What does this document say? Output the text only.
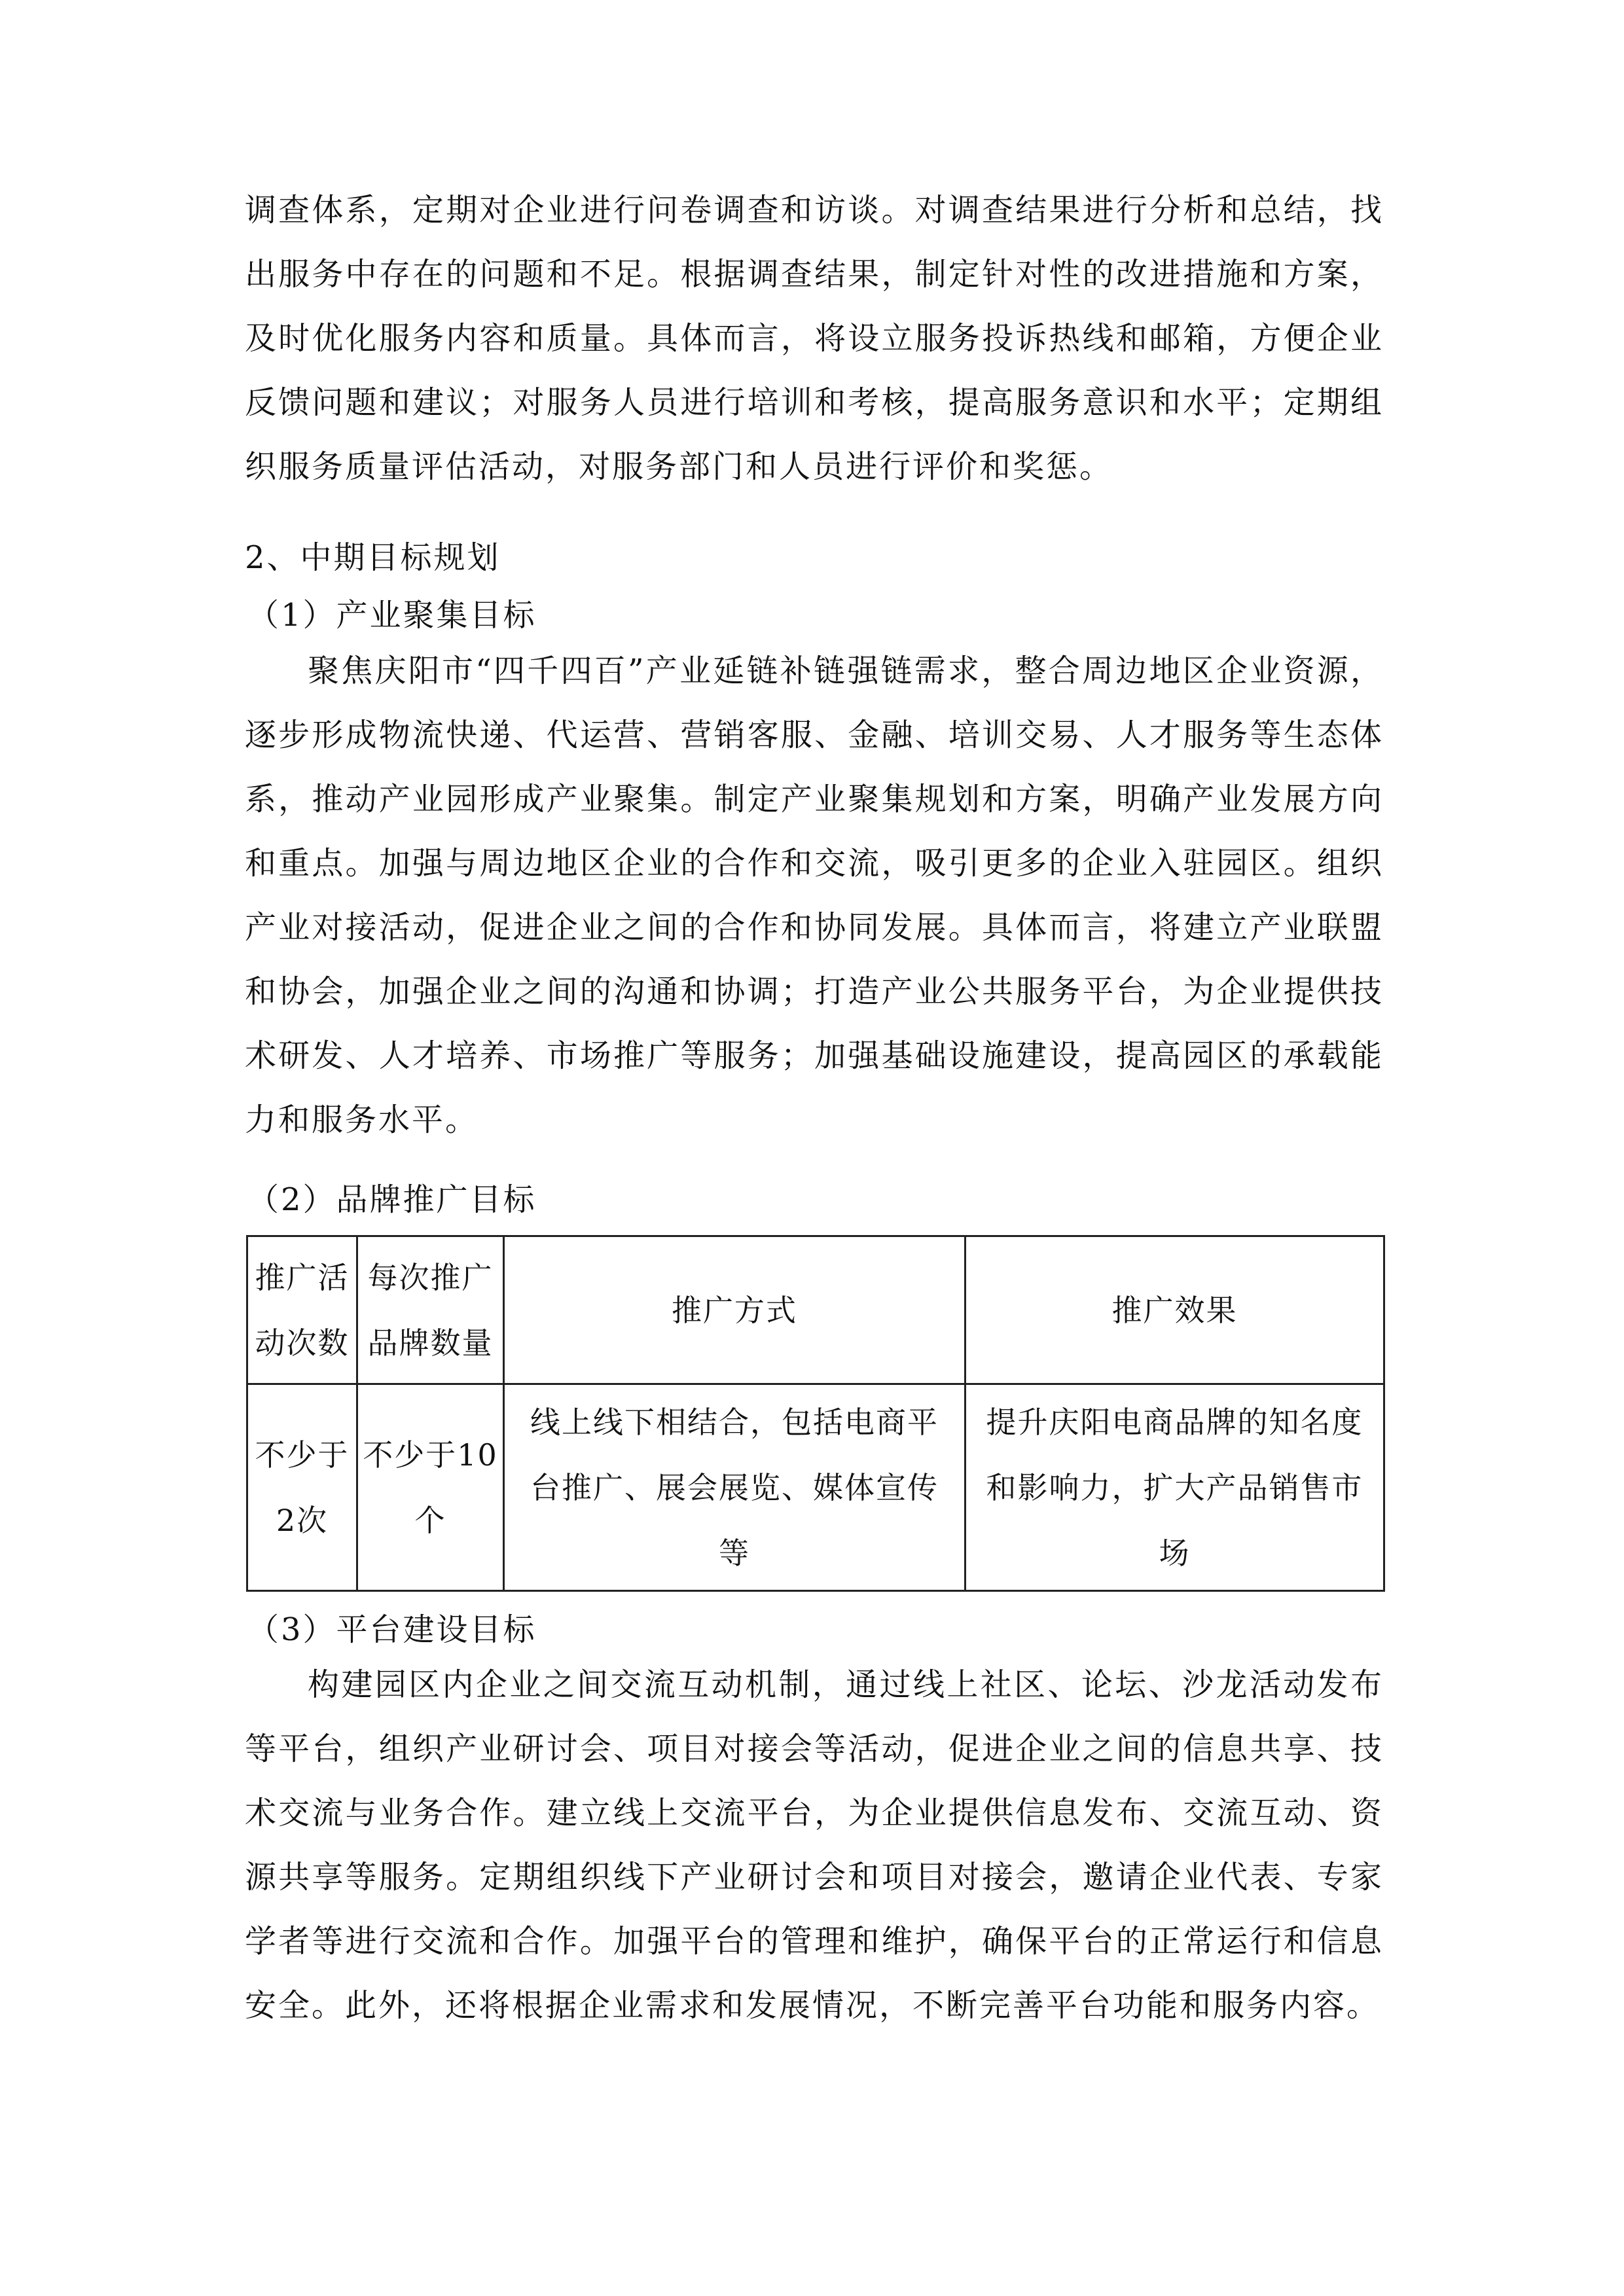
调查体系，定期对企业进行问卷调查和访谈。对调查结果进行分析和总结，找出服务中存在的问题和不足。根据调查结果，制定针对性的改进措施和方案，及时优化服务内容和质量。具体而言，将设立服务投诉热线和邮箱，方便企业反馈问题和建议；对服务人员进行培训和考核，提高服务意识和水平；定期组织服务质量评估活动，对服务部门和人员进行评价和奖惩。

2、中期目标规划
（1）产业聚集目标

聚焦庆阳市“四千四百”产业延链补链强链需求，整合周边地区企业资源，逐步形成物流快递、代运营、营销客服、金融、培训交易、人才服务等生态体系，推动产业园形成产业聚集。制定产业聚集规划和方案，明确产业发展方向和重点。加强与周边地区企业的合作和交流，吸引更多的企业入驻园区。组织产业对接活动，促进企业之间的合作和协同发展。具体而言，将建立产业联盟和协会，加强企业之间的沟通和协调；打造产业公共服务平台，为企业提供技术研发、人才培养、市场推广等服务；加强基础设施建设，提高园区的承载能力和服务水平。

（2）品牌推广目标
推广活动次数	每次推广品牌数量	推广方式	推广效果
不少于2次	不少于10个	线上线下相结合，包括电商平台推广、展会展览、媒体宣传等	提升庆阳电商品牌的知名度和影响力，扩大产品销售市场
（3）平台建设目标

构建园区内企业之间交流互动机制，通过线上社区、论坛、沙龙活动发布等平台，组织产业研讨会、项目对接会等活动，促进企业之间的信息共享、技术交流与业务合作。建立线上交流平台，为企业提供信息发布、交流互动、资源共享等服务。定期组织线下产业研讨会和项目对接会，邀请企业代表、专家学者等进行交流和合作。加强平台的管理和维护，确保平台的正常运行和信息安全。此外，还将根据企业需求和发展情况，不断完善平台功能和服务内容。
